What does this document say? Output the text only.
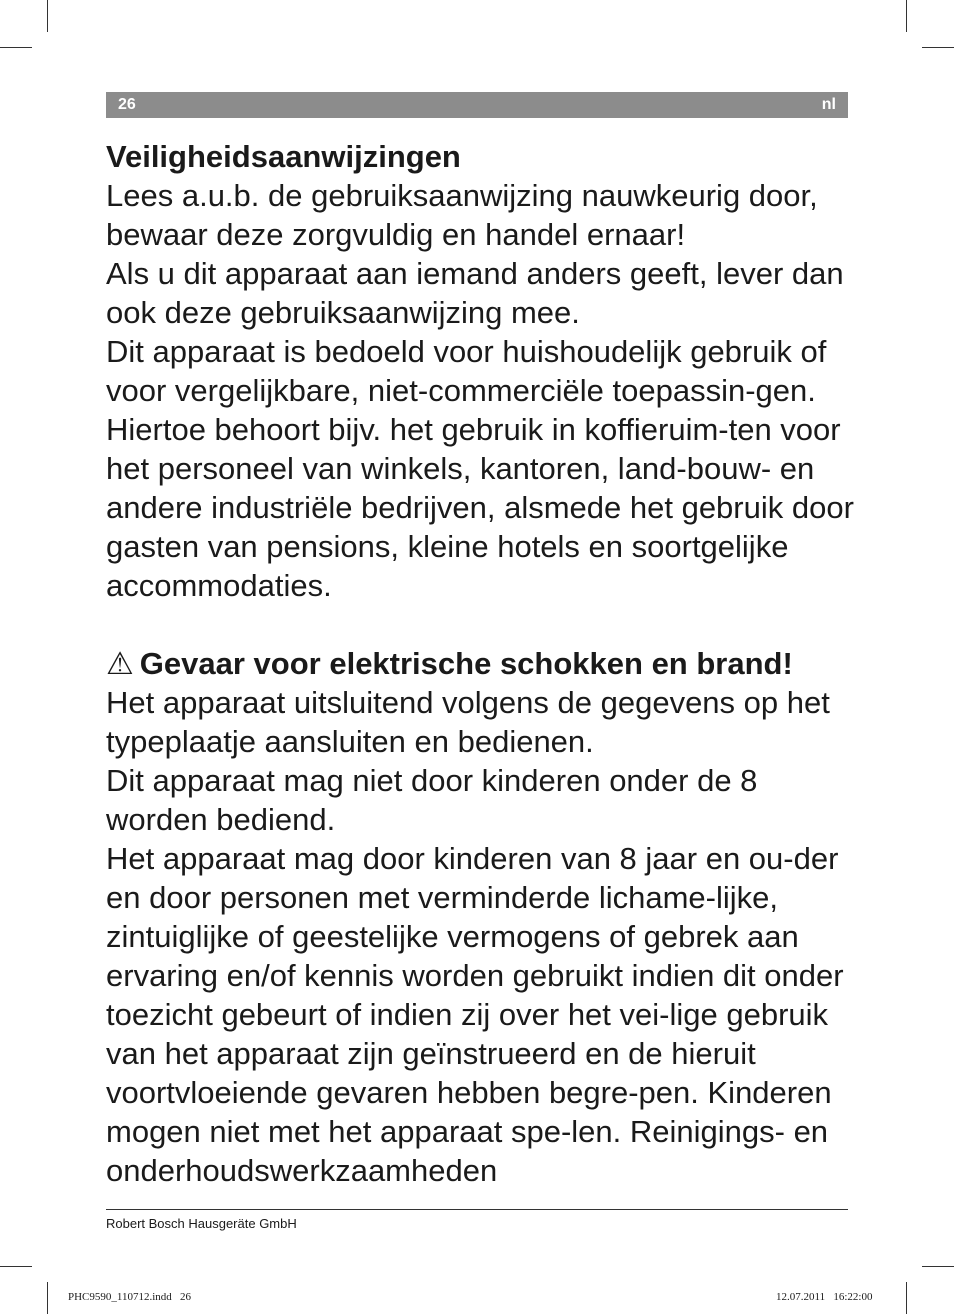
26	nl

Veiligheidsaanwijzingen

Lees a.u.b. de gebruiksaanwijzing nauwkeurig door, bewaar deze zorgvuldig en handel ernaar!

Als u dit apparaat aan iemand anders geeft, lever dan ook deze gebruiksaanwijzing mee.

Dit apparaat is bedoeld voor huishoudelijk gebruik of voor vergelijkbare, niet-commerciële toepassin-gen. Hiertoe behoort bijv. het gebruik in koffieruim-ten voor het personeel van winkels, kantoren, land-bouw- en andere industriële bedrijven, alsmede het gebruik door gasten van pensions, kleine hotels en soortgelijke accommodaties.

⚠ Gevaar voor elektrische schokken en brand!

Het apparaat uitsluitend volgens de gegevens op het typeplaatje aansluiten en bedienen.

Dit apparaat mag niet door kinderen onder de 8 worden bediend.

Het apparaat mag door kinderen van 8 jaar en ou-der en door personen met verminderde lichame-lijke, zintuiglijke of geestelijke vermogens of gebrek aan ervaring en/of kennis worden gebruikt indien dit onder toezicht gebeurt of indien zij over het vei-lige gebruik van het apparaat zijn geïnstrueerd en de hieruit voortvloeiende gevaren hebben begre-pen. Kinderen mogen niet met het apparaat spe-len. Reinigings- en onderhoudswerkzaamheden

Robert Bosch Hausgeräte GmbH
PHC9590_110712.indd   26	12.07.2011   16:22:00
